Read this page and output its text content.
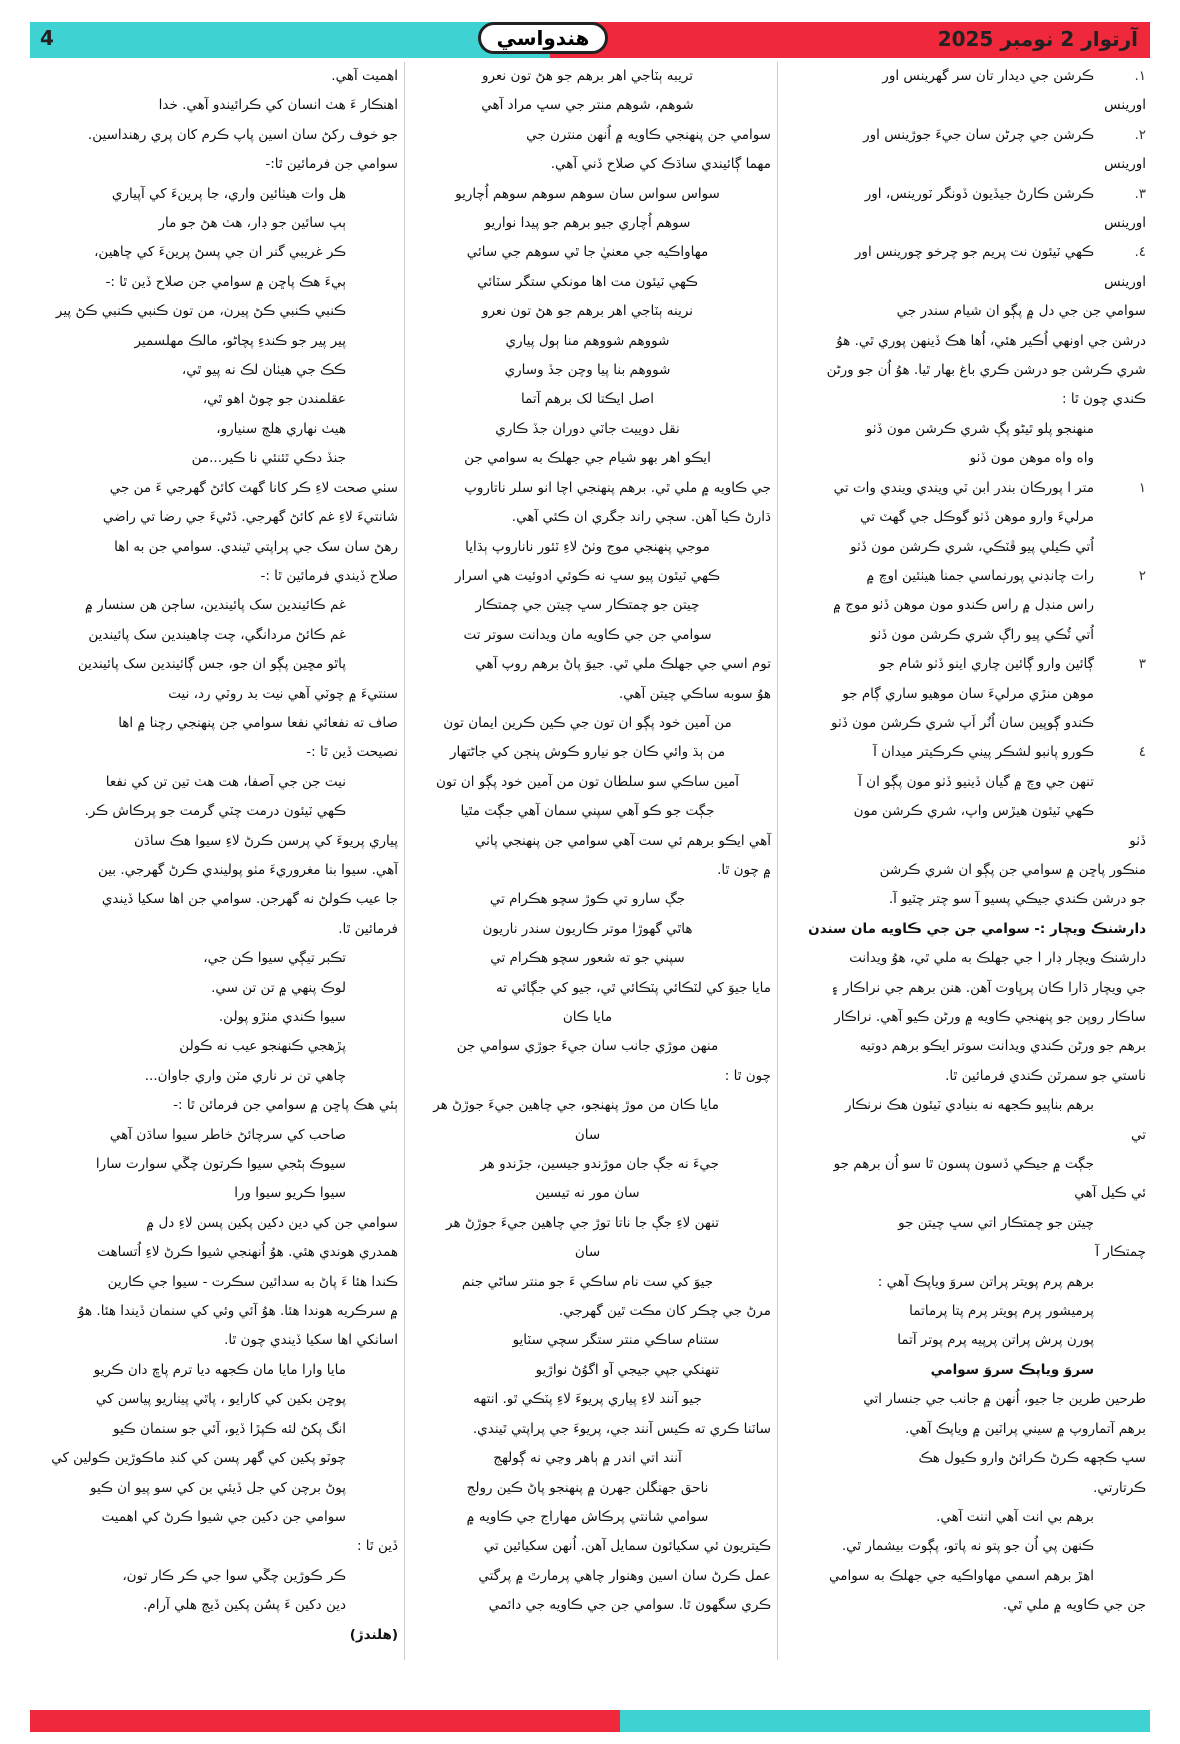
4	آرتوار 2 نومبر 2025
هندواسي

١.ڪرشن جي ديدار تان سر گهرينس اور

اورينس

٢.ڪرشن جي چرڻن سان جيءَ جوڙينس اور

اورينس

٣.ڪرشن ڪارڻ جيڏيون ڏونگر ٽورينس، اور

اورينس

٤.ڪهي ٽيئون نت پريم جو چرخو چورينس اور

اورينس

سوامي جن جي دل ۾ پڳو ان شيام سندر جي

درشن جي اونهي اُڪير هئي، اُها هڪ ڏينهن پوري ٿي. هوُ

شري ڪرشن جو درشن ڪري باغ بهار ٿيا. هوُ اُن جو ورڻن

ڪندي چون ٿا :

منهنجو پلو ٿيڻو پڳ شري ڪرشن مون ڏٺو

واه واه موهن مون ڏٺو

١متر ا پورڪان بندر ابن ٽي ويندي ويندي وات تي

مرليءَ وارو موهن ڏٺو گوڪل جي گهٽ تي

اُتي ڪيلي پيو ڦٽڪي، شري ڪرشن مون ڏٺو

٢رات چانڊني پورنماسي جمنا هيٺئين اوچ ۾

راس منڊل ۾ راس ڪندو مون موهن ڏٺو موج ۾

اُتي ٽُڪي پيو راڳ شري ڪرشن مون ڏٺو

٣ڳائين وارو ڳائين چاري اينو ڏٺو شام جو

موهن منڙي مرليءَ سان موهيو ساري ڳام جو

ڪندو ڳوپين سان اُنُر اَپ شري ڪرشن مون ڏٺو

٤ڪورو پانبو لشڪر پيني ڪرڪيتر ميدان آ

تنهن جي وچ ۾ گيان ڏينيو ڏٺو مون پڳو ان آ

ڪهي ٽيئون هيڙس واپ، شري ڪرشن مون

ڏٺو

منڪور پاڇن ۾ سوامي جن پڳو ان شري ڪرشن

جو درشن ڪندي جيڪي پسيو آ سو چتر چٽيو آ.

دارشنڪ ويچار :- سوامي جن جي ڪاويه مان سندن

دارشنڪ ويچار ڊار ا جي جهلڪ به ملي ٿي، هوُ ويدانت

جي ويچار ڌارا ڪان پرڀاوت آهن. هنن برهم جي نراڪار ۽

ساڪار روپن جو پنهنجي ڪاويه ۾ ورڻن ڪيو آهي. نراڪار

برهم جو ورڻن ڪندي ويدانت سوتر ايڪو برهم دوتيه

ناستي جو سمرٿن ڪندي فرمائين ٿا.

برهم بناپيو ڪجهه نه بنيادي ٽيئون هڪ نرنڪار

تي

جڳت ۾ جيڪي ڏسون پسون ٿا سو اُن برهم جو

ئي ڪيل آهي

چيتن جو چمتڪار اتي سڀ چيتن جو

چمتڪار آ

برهم پرم پويتر پراتن سروَ وياپڪ آهي :

پرميشور پرم پويتر پرم پتا پرماتما

پورن پرش پراتن پرپيه پرم پوتر آتما

سروَ وياپڪ سروَ سوامي

طرحين طرين جا جيو، اُنهن ۾ جانب جي جنسار اتي

برهم آتماروپ ۾ سيني پراٽين ۾ وياپڪ آهي.

سڀ ڪڄهه ڪرڻ ڪرائڻ وارو ڪيول هڪ

ڪرتارتي.

برهم بي انت آهي اننت آهي.

ڪنهن پي اُن جو پتو نه پاتو، پڳوت بيشمار ٿي.

اهڙ برهم اسمي مهاواڪيه جي جهلڪ به سوامي

جن جي ڪاويه ۾ ملي ٿي.

تريبه ٻٽاجي اهر برهم جو هڻ تون نعرو

شوهم، شوهم منتر جي سڀ مراد آهي

سوامي جن پنهنجي ڪاويه ۾ اُنهن منترن جي

مهما ڳائيندي ساڌڪ کي صلاح ڏني آهي.

سواس سواس سان سوهم سوهم سوهم اُچاريو

سوهم اُچاري جيو برهم جو پيدا نواريو

مهاواڪيه جي معنيٰ جا ٿي سوهم جي سائي

ڪهي ٽيئون مت اها مونکي ستگر سٽائي

نرينه ٻٽاجي اهر برهم جو هڻ تون نعرو

شووهم شووهم منا ٻول پياري

شووهم بنا پيا وچن جڏ وساري

اصل ايڪتا لک برهم آتما

نقل دوييت جاٽي دوران جڏ ڪاري

ايڪو اهر بهو شيام جي جهلڪ به سوامي جن

جي ڪاويه ۾ ملي ٿي. برهم پنهنجي اچا انو سلر ناتاروپ

ڌارڻ ڪيا آهن. سڄي راند جگري ان ڪئي آهي.

موجي پنهنجي موج وٺڻ لاءِ ٽئور ناناروپ ٻڌايا

ڪهي ٽيئون پيو سڀ نه ڪوئي ادوئيت هي اسرار

چيتن جو چمتڪار سڀ چيتن جي چمتڪار

سوامي جن جي ڪاويه مان ويدانت سوتر تت

توم اسي جي جهلڪ ملي ٿي. جيوَ پاڻ برهم روپ آهي

هوُ سوبه ساڪي چيتن آهي.

من آمين خود پڳو ان تون جي ڪين ڪرين ايمان تون

من ٻڌ وائي ڪان جو نيارو ڪوش پنڄن کي جاڻتهار

آمين ساڪي سو سلطان تون من آمين خود پڳو ان تون

جڳت جو ڪو آهي سپني سمان آهي جڳت مٿيا

آهي ايڪو برهم ئي ست آهي سوامي جن پنهنجي پاٺي

۾ چون ٿا.

جڳ سارو تي ڪوڙ سچو هڪرام تي

هاٿي گهوڙا موتر ڪاريون سندر ناريون

سپني جو ته شعور سچو هڪرام تي

مايا جيوَ کي لٽڪائي پٽڪائي ٿي، جيو کي جڳائي ته

مايا ڪان

منهن موڙي جانب سان جيءَ جوڙي سوامي جن

چون ٿا :

مايا ڪان من موڙ پنهنجو، جي چاهين جيءَ جوڙڻ هر

سان

جيءَ نه جڳ جان موڙندو جيسين، جڙندو هر

سان مور نه تيسين

تنهن لاءِ جڳ جا ناتا توڙ جي چاهين جيءَ جوڙڻ هر

سان

جيوَ کي ست نام ساڪي ءَ جو منتر ساڻي جنم

مرڻ جي چڪر کان مڪت ٿين گهرجي.

ستنام ساڪي منتر ستگر سچي سٽايو

تنهنکي جپي جيجي آو اگوُڻ نواڙيو

جيو آنند لاءِ پياري پريوءَ لاءِ پٽڪي ٿو. انتهه

ساٽنا ڪري ته ڪيس آنند جي، پريوءَ جي پراپتي ٿيندي.

آنند اتي اندر ۾ ٻاهر وڃي نه ڳولهج

ناحق جهنگلن جهرن ۾ پنهنجو پاڻ ڪين رولج

سوامي شانتي پرڪاش مهاراج جي ڪاويه ۾

ڪيتريون ئي سکيائون سمايل آهن. اُنهن سکيائين تي

عمل ڪرڻ سان اسين وهنوار چاهي پرمارٿ ۾ پرگتي

ڪري سگهون ٿا. سوامي جن جي ڪاويه جي دائمي

اهميت آهي.

اهنڪار ءَ هٺ انسان کي ڪرائيندو آهي. خدا

جو خوف رکڻ سان اسين پاپ ڪرم کان پري رهنداسين.

سوامي جن فرمائين ٿا:-

هل وات هيٺائين واري، جا پرينءَ کي آپياري

ٻپ سائين جو ڊار، هٺ هڻ جو مار

ڪر غريبي گنر ان جي پسڻ پرينءَ کي چاهين،

ٻيءَ هڪ پاڇن ۾ سوامي جن صلاح ڏين ٿا :-

ڪنبي ڪنبي ڪڻ پيرن، من تون ڪنبي ڪنبي ڪڻ پير

پير پير جو ڪندءِ پچاڻو، مالڪ مهلسمير

ڪڪ جي هيٺان لڪ نه پيو ٿي،

عقلمندن جو چوڻ اهو ٿي،

هيٺ نهاري هلڄ سنيارو،

جنڏ دڪي ٿئنئي نا ڪير...من

سٺي صحت لاءِ ڪر کانا گهٽ کائڻ گهرجي ءَ من جي

شانتيءَ لاءِ غم کائڻ گهرجي. ڏڻيءَ جي رضا تي راضي

رهڻ سان سک جي پراپتي ٿيندي. سوامي جن به اها

صلاح ڏيندي فرمائين ٿا :-

غم ڪائيندين سک پائيندين، ساڄن هن سنسار ۾

غم ڪائڻ مردانگي، چت چاهيندين سک پائيندين

پاٿو مڇين پڳو ان جو، جس ڳائيندين سک پائيندين

سنتيءَ ۾ چوٽي آهي نيت بد روٽي رد، نيت

صاف ته نفعائي نفعا سوامي جن پنهنجي رچنا ۾ اها

نصيحت ڏين ٿا :-

نيت جن جي آصفا، هت هٺ تين تن کي نفعا

ڪهي ٽيئون درمت چٽي گرمت جو پرڪاش ڪر.

پياري پريوءَ کي پرسن ڪرڻ لاءِ سيوا هڪ ساڌن

آهي. سيوا بنا مغروريءَ مٺو پوليندي ڪرڻ گهرجي. بين

جا عيب ڪولڻ نه گهرجن. سوامي جن اها سکيا ڏيندي

فرمائين ٿا.

تڪبر تيڳي سيوا ڪن جي،

لوڪ پنهي ۾ تن تن سي.

سيوا ڪندي مٺڙو پولن.

پڙهجي ڪنهنجو عيب نه ڪولن

چاهي تن نر ناري مٽن واري جاوان...

ٻئي هڪ پاڇن ۾ سوامي جن فرمائن ٿا :-

صاحب کي سرچائڻ خاطر سيوا ساڌن آهي

سيوڪ ٻڻجي سيوا ڪرتون چڱي سوارت سارا

سيوا ڪريو سيوا ورا

سوامي جن کي دين دکين پکين پسن لاءِ دل ۾

همدري هوندي هئي. هوُ اُنهنجي شيوا ڪرڻ لاءِ اُتساهت

ڪندا هئا ءَ پاڻ به سدائين سڪرت - سيوا جي ڪارين

۾ سرڪريه هوندا هئا. هوُ آئي وئي کي سنمان ڏيندا هئا. هوُ

اسانکي اها سکيا ڏيندي چون ٿا.

مايا وارا مايا مان ڪجهه ديا ترم پاڇ دان ڪريو

پوڇن بکين کي کارايو ، پاٿي پيناريو پياسن کي

انگ پکڻ لئه ڪپڙا ڏيو، آئي جو سنمان ڪيو

چوٽو پکين کي گهر پسن کي کنڊ ماڪوڙين ڪولين کي

پوڻ برچن کي جل ڏيئي بن کي سو پيو ان ڪيو

سوامي جن دکين جي شيوا ڪرڻ کي اهميت

ڏين ٿا :

ڪر ڪوڙين چڱي سوا جي ڪر ڪار تون،

دين دکين ءَ پسُن پکين ڏيڄ هلي آرام.

(هلندڙ)
